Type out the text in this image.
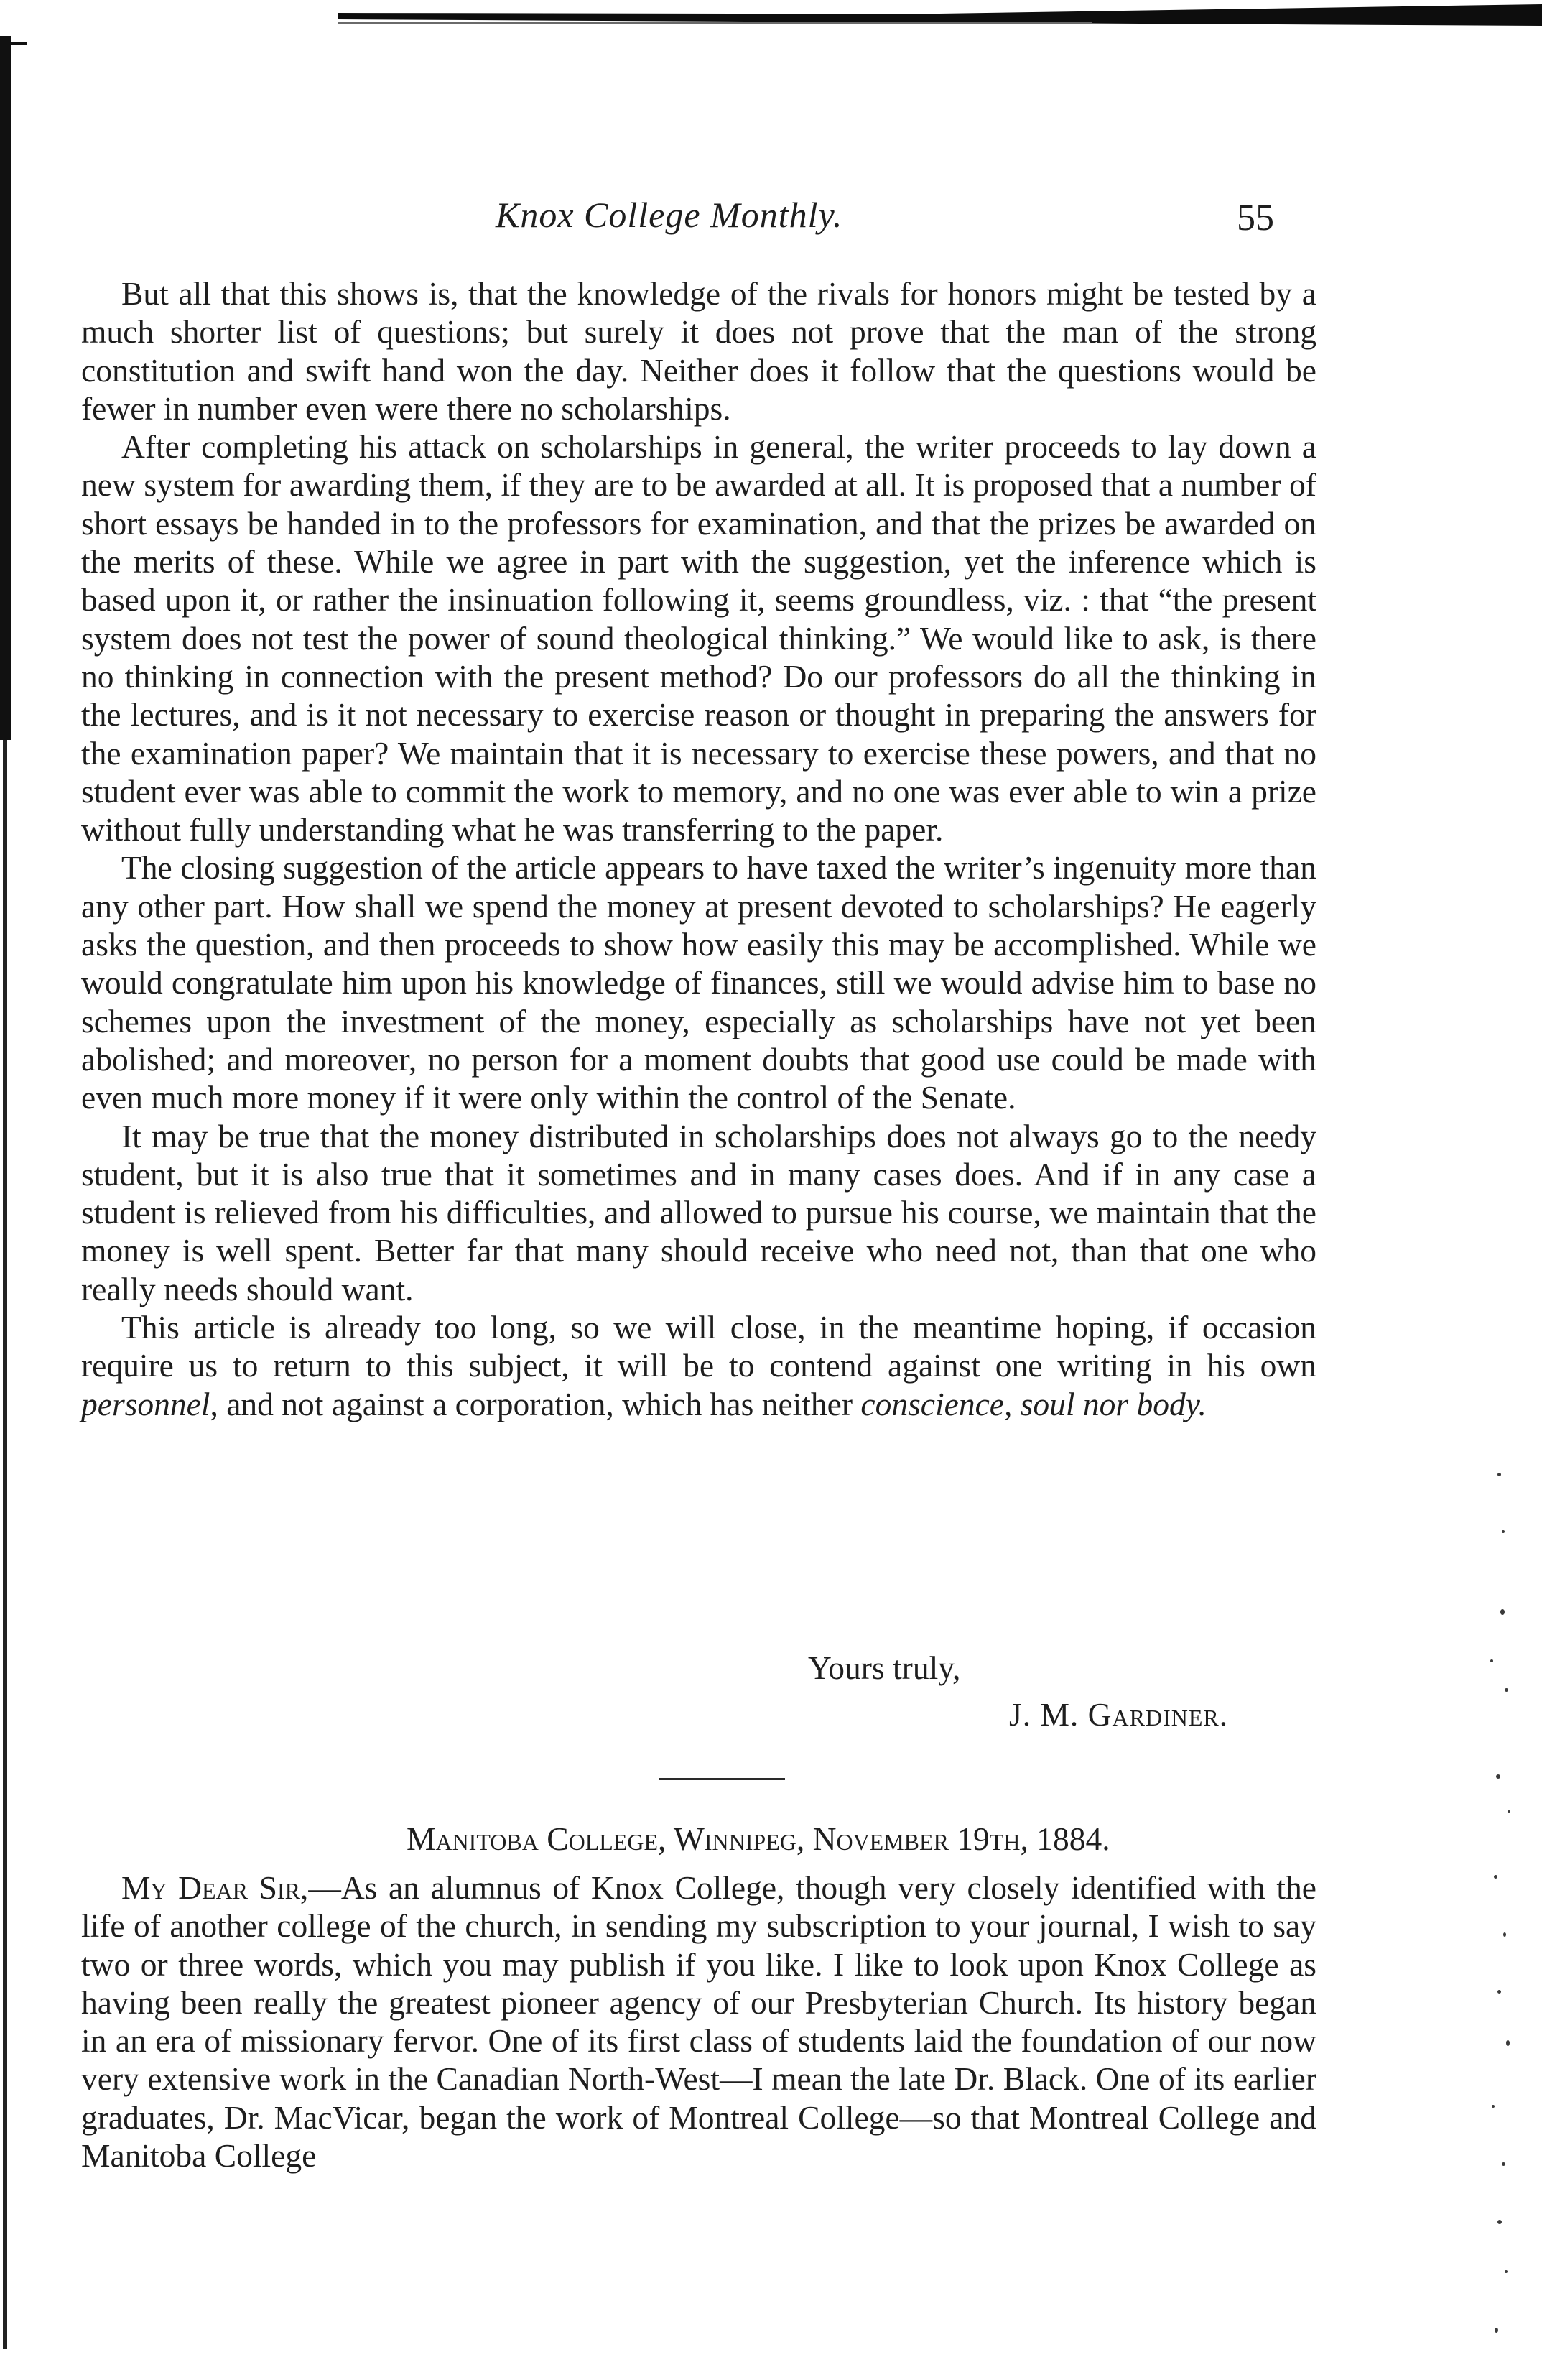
Knox College Monthly.	55

But all that this shows is, that the knowledge of the rivals for honors might be tested by a much shorter list of questions; but surely it does not prove that the man of the strong constitution and swift hand won the day. Neither does it follow that the questions would be fewer in number even were there no scholarships.

After completing his attack on scholarships in general, the writer proceeds to lay down a new system for awarding them, if they are to be awarded at all. It is proposed that a number of short essays be handed in to the professors for examination, and that the prizes be awarded on the merits of these. While we agree in part with the suggestion, yet the inference which is based upon it, or rather the insinuation following it, seems groundless, viz. : that “the present system does not test the power of sound theological thinking.” We would like to ask, is there no thinking in connection with the present method? Do our professors do all the thinking in the lectures, and is it not necessary to exercise reason or thought in preparing the answers for the examination paper? We maintain that it is necessary to exercise these powers, and that no student ever was able to commit the work to memory, and no one was ever able to win a prize without fully understanding what he was transferring to the paper.

The closing suggestion of the article appears to have taxed the writer’s ingenuity more than any other part. How shall we spend the money at present devoted to scholarships? He eagerly asks the question, and then proceeds to show how easily this may be accomplished. While we would congratulate him upon his knowledge of finances, still we would advise him to base no schemes upon the investment of the money, especially as scholarships have not yet been abolished; and moreover, no person for a moment doubts that good use could be made with even much more money if it were only within the control of the Senate.

It may be true that the money distributed in scholarships does not always go to the needy student, but it is also true that it sometimes and in many cases does. And if in any case a student is relieved from his difficulties, and allowed to pursue his course, we maintain that the money is well spent. Better far that many should receive who need not, than that one who really needs should want.

This article is already too long, so we will close, in the meantime hoping, if occasion require us to return to this subject, it will be to contend against one writing in his own personnel, and not against a corporation, which has neither conscience, soul nor body.

Yours truly,
J. M. Gardiner.
Manitoba College, Winnipeg, November 19th, 1884.

My Dear Sir,—As an alumnus of Knox College, though very closely identified with the life of another college of the church, in sending my subscription to your journal, I wish to say two or three words, which you may publish if you like. I like to look upon Knox College as having been really the greatest pioneer agency of our Presbyterian Church. Its history began in an era of missionary fervor. One of its first class of students laid the foundation of our now very extensive work in the Canadian North-West—I mean the late Dr. Black. One of its earlier graduates, Dr. MacVicar, began the work of Montreal College—so that Montreal College and Manitoba College
